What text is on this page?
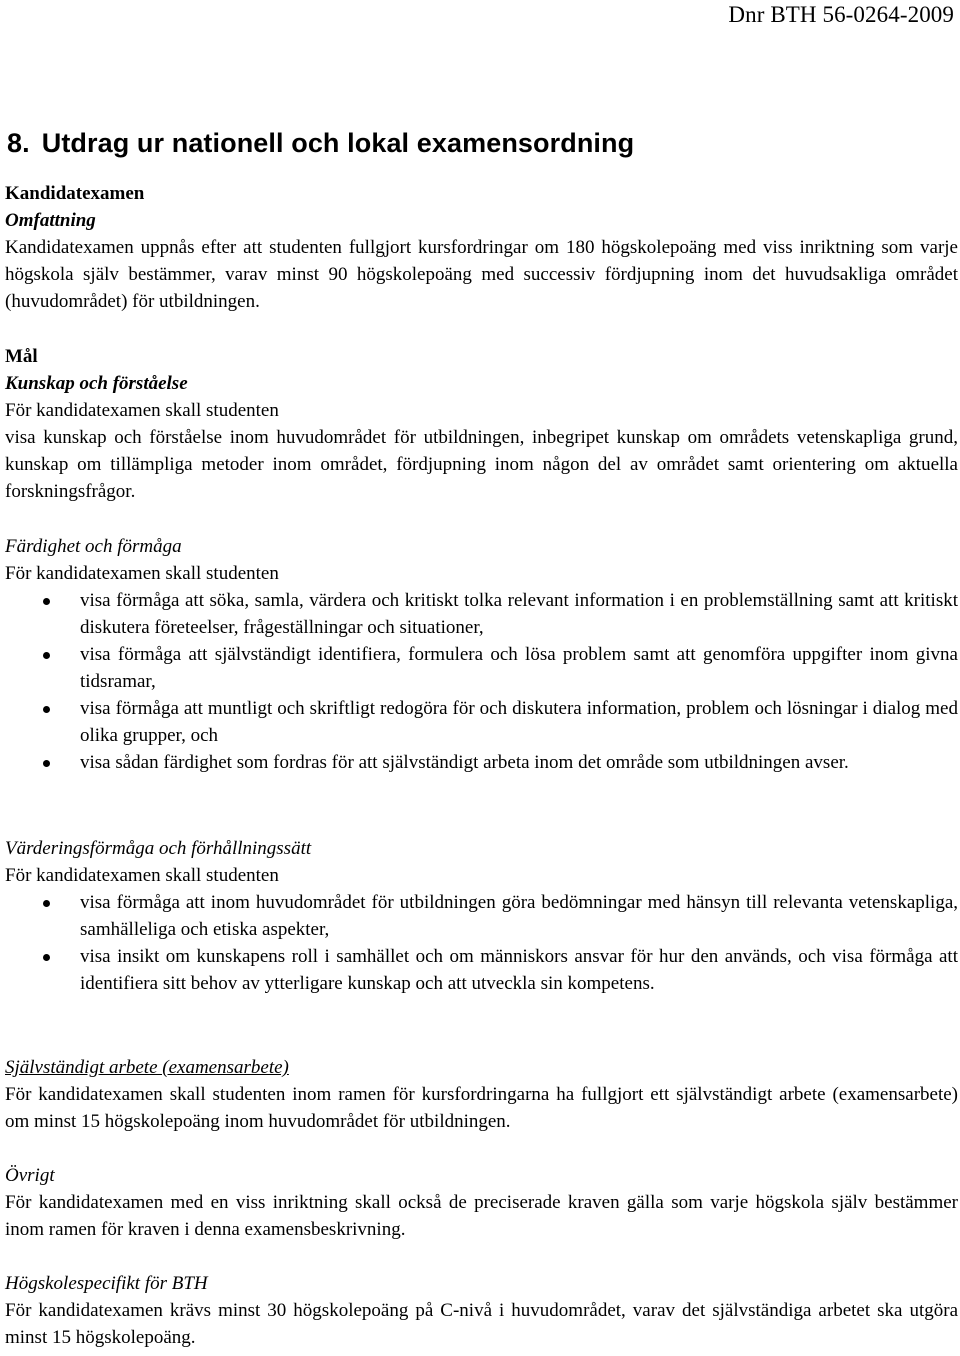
Dnr BTH 56-0264-2009
8. Utdrag ur nationell och lokal examensordning
Kandidatexamen
Omfattning
Kandidatexamen uppnås efter att studenten fullgjort kursfordringar om 180 högskolepoäng med viss inriktning som varje högskola själv bestämmer, varav minst 90 högskolepoäng med successiv fördjupning inom det huvudsakliga området (huvudområdet) för utbildningen.
Mål
Kunskap och förståelse
För kandidatexamen skall studenten
visa kunskap och förståelse inom huvudområdet för utbildningen, inbegripet kunskap om områdets vetenskapliga grund, kunskap om tillämpliga metoder inom området, fördjupning inom någon del av området samt orientering om aktuella forskningsfrågor.
Färdighet och förmåga
För kandidatexamen skall studenten
visa förmåga att söka, samla, värdera och kritiskt tolka relevant information i en problemställning samt att kritiskt diskutera företeelser, frågeställningar och situationer,
visa förmåga att självständigt identifiera, formulera och lösa problem samt att genomföra uppgifter inom givna tidsramar,
visa förmåga att muntligt och skriftligt redogöra för och diskutera information, problem och lösningar i dialog med olika grupper, och
visa sådan färdighet som fordras för att självständigt arbeta inom det område som utbildningen avser.
Värderingsförmåga och förhållningssätt
För kandidatexamen skall studenten
visa förmåga att inom huvudområdet för utbildningen göra bedömningar med hänsyn till relevanta vetenskapliga, samhälleliga och etiska aspekter,
visa insikt om kunskapens roll i samhället och om människors ansvar för hur den används, och visa förmåga att identifiera sitt behov av ytterligare kunskap och att utveckla sin kompetens.
Självständigt arbete (examensarbete)
För kandidatexamen skall studenten inom ramen för kursfordringarna ha fullgjort ett självständigt arbete (examensarbete) om minst 15 högskolepoäng inom huvudområdet för utbildningen.
Övrigt
För kandidatexamen med en viss inriktning skall också de preciserade kraven gälla som varje högskola själv bestämmer inom ramen för kraven i denna examensbeskrivning.
Högskolespecifikt för BTH
För kandidatexamen krävs minst 30 högskolepoäng på C-nivå i huvudområdet, varav det självständiga arbetet ska utgöra minst 15 högskolepoäng.
